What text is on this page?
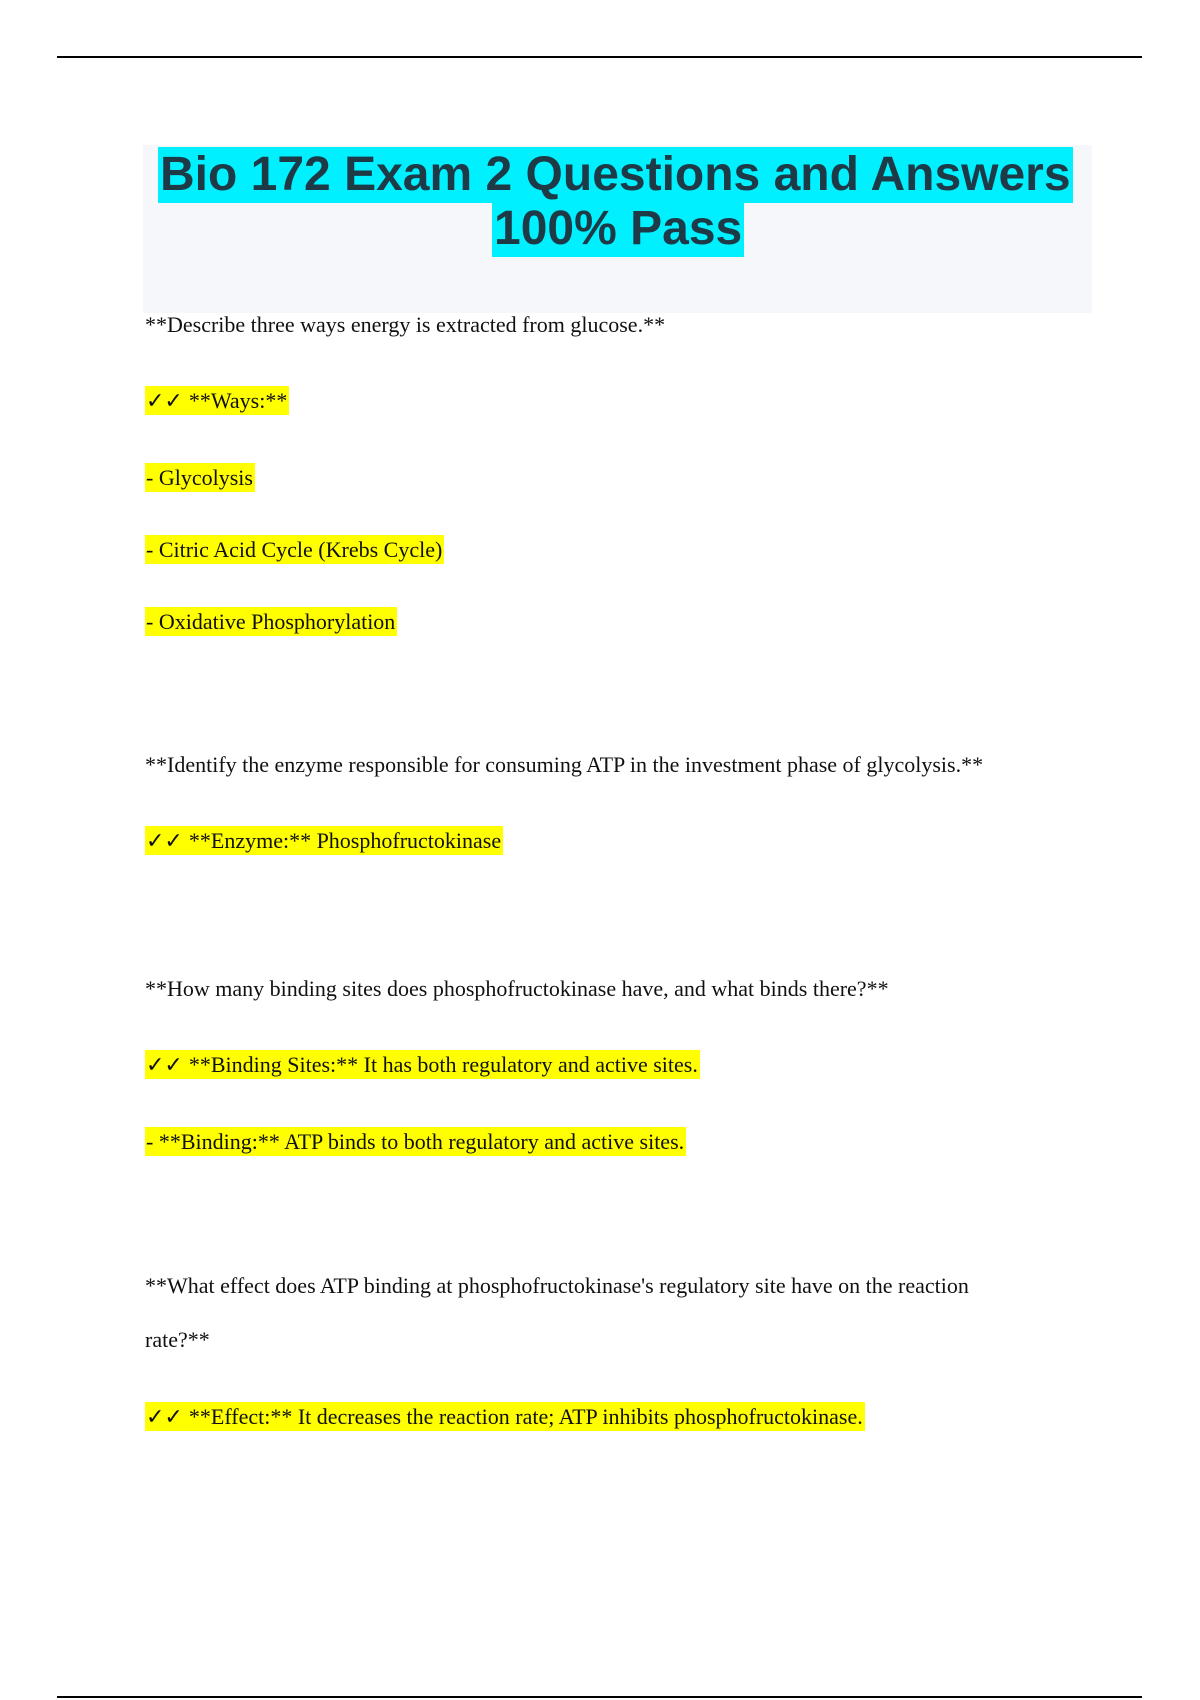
Bio 172 Exam 2 Questions and Answers
100% Pass
**Describe three ways energy is extracted from glucose.**
✓✓ **Ways:**
- Glycolysis
- Citric Acid Cycle (Krebs Cycle)
- Oxidative Phosphorylation
**Identify the enzyme responsible for consuming ATP in the investment phase of glycolysis.**
✓✓ **Enzyme:** Phosphofructokinase
**How many binding sites does phosphofructokinase have, and what binds there?**
✓✓ **Binding Sites:** It has both regulatory and active sites.
- **Binding:** ATP binds to both regulatory and active sites.
**What effect does ATP binding at phosphofructokinase's regulatory site have on the reaction
rate?**
✓✓ **Effect:** It decreases the reaction rate; ATP inhibits phosphofructokinase.
